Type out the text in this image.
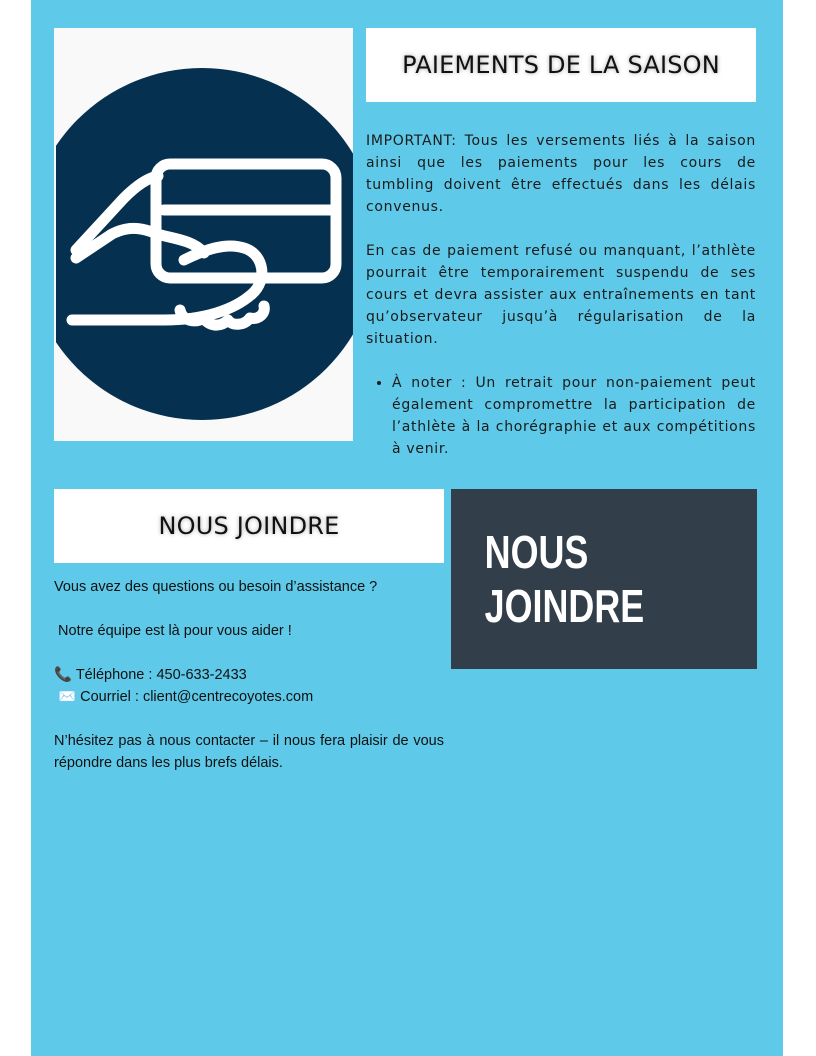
PAIEMENTS DE LA SAISON

IMPORTANT: Tous les versements liés à la saison ainsi que les paiements pour les cours de tumbling doivent être effectués dans les délais convenus.

En cas de paiement refusé ou manquant, l’athlète pourrait être temporairement suspendu de ses cours et devra assister aux entraînements en tant qu’observateur jusqu’à régularisation de la situation.

• À noter : Un retrait pour non-paiement peut également compromettre la participation de l’athlète à la chorégraphie et aux compétitions à venir.
NOUS JOINDRE

Vous avez des questions ou besoin d’assistance ?

Notre équipe est là pour vous aider !

📞 Téléphone : 450-633-2433

✉️ Courriel : client@centrecoyotes.com

N’hésitez pas à nous contacter – il nous fera plaisir de vous répondre dans les plus brefs délais.

NOUS JOINDRE
